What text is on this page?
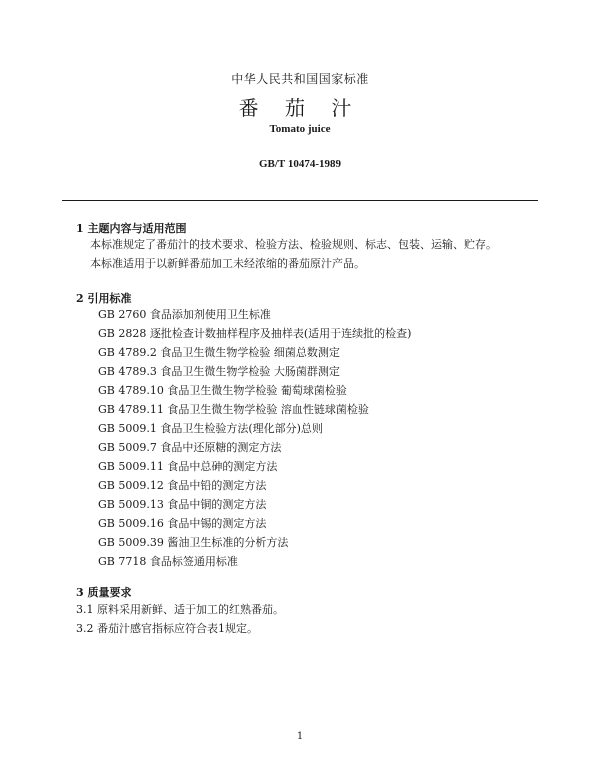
中华人民共和国国家标准
番 茄 汁
Tomato juice
GB/T 10474-1989
1 主题内容与适用范围
本标准规定了番茄汁的技术要求、检验方法、检验规则、标志、包装、运输、贮存。
本标准适用于以新鲜番茄加工未经浓缩的番茄原汁产品。
2 引用标准
GB 2760 食品添加剂使用卫生标准
GB 2828 逐批检查计数抽样程序及抽样表(适用于连续批的检查)
GB 4789.2 食品卫生微生物学检验 细菌总数测定
GB 4789.3 食品卫生微生物学检验 大肠菌群测定
GB 4789.10 食品卫生微生物学检验 葡萄球菌检验
GB 4789.11 食品卫生微生物学检验 溶血性链球菌检验
GB 5009.1 食品卫生检验方法(理化部分)总则
GB 5009.7 食品中还原糖的测定方法
GB 5009.11 食品中总砷的测定方法
GB 5009.12 食品中铅的测定方法
GB 5009.13 食品中铜的测定方法
GB 5009.16 食品中锡的测定方法
GB 5009.39 酱油卫生标准的分析方法
GB 7718 食品标签通用标准
3 质量要求
3.1 原料采用新鲜、适于加工的红熟番茄。
3.2 番茄汁感官指标应符合表1规定。
1
